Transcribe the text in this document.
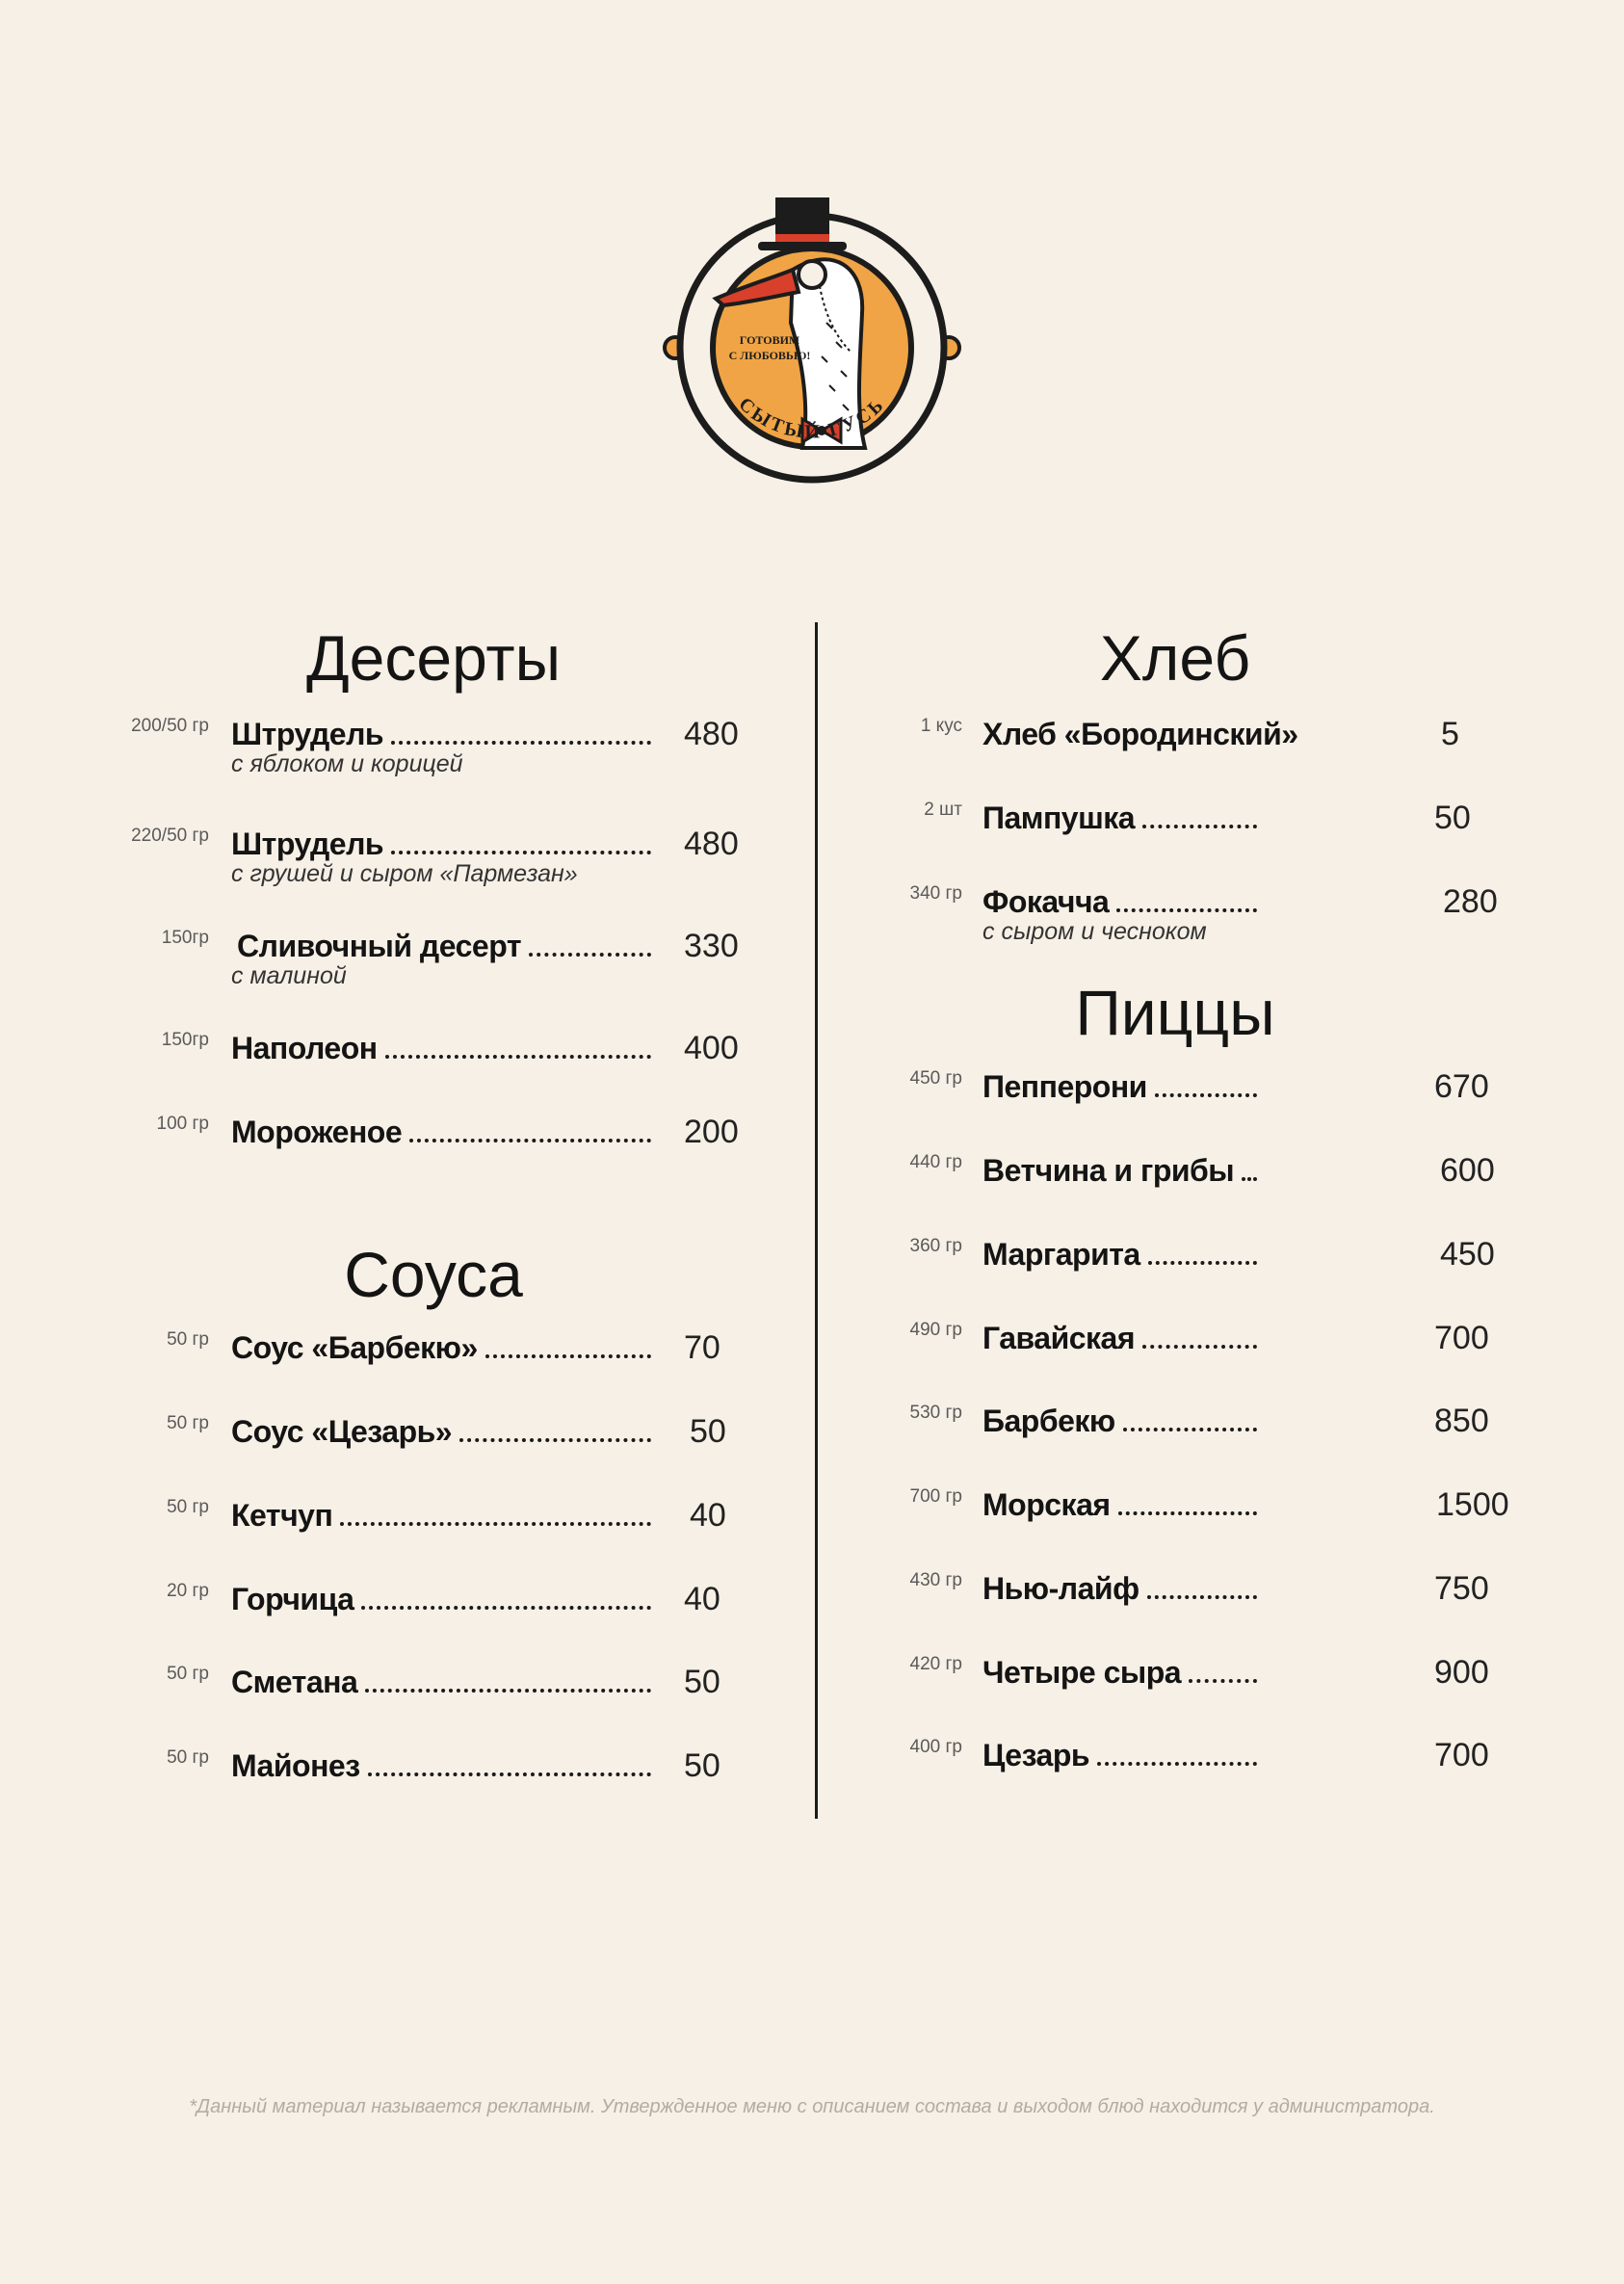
ГОТОВИМ
С ЛЮБОВЬЮ!
СЫТЫЙ ГУСЬ
Десерты
200/50 гр Штрудель	480
с яблоком и корицей
220/50 гр Штрудель	480
с грушей и сыром «Пармезан»
150гр Сливочный десерт	330
с малиной
150гр Наполеон	400
100 гр Мороженое	200
Соуса
50 гр Соус «Барбекю»	70
50 гр Соус «Цезарь»	50
50 гр Кетчуп	40
20 гр Горчица	40
50 гр Сметана	50
50 гр Майонез	50
Хлеб
1 кус Хлеб «Бородинский»	5
2 шт Пампушка	50
340 гр Фокачча	280
с сыром и чесноком
Пиццы
450 гр Пепперони	670
440 гр Ветчина и грибы	600
360 гр Маргарита	450
490 гр Гавайская	700
530 гр Барбекю	850
700 гр Морская	1500
430 гр Нью-лайф	750
420 гр Четыре сыра	900
400 гр Цезарь	700
*Данный материал называется рекламным. Утвержденное меню с описанием состава и выходом блюд находится у администратора.
